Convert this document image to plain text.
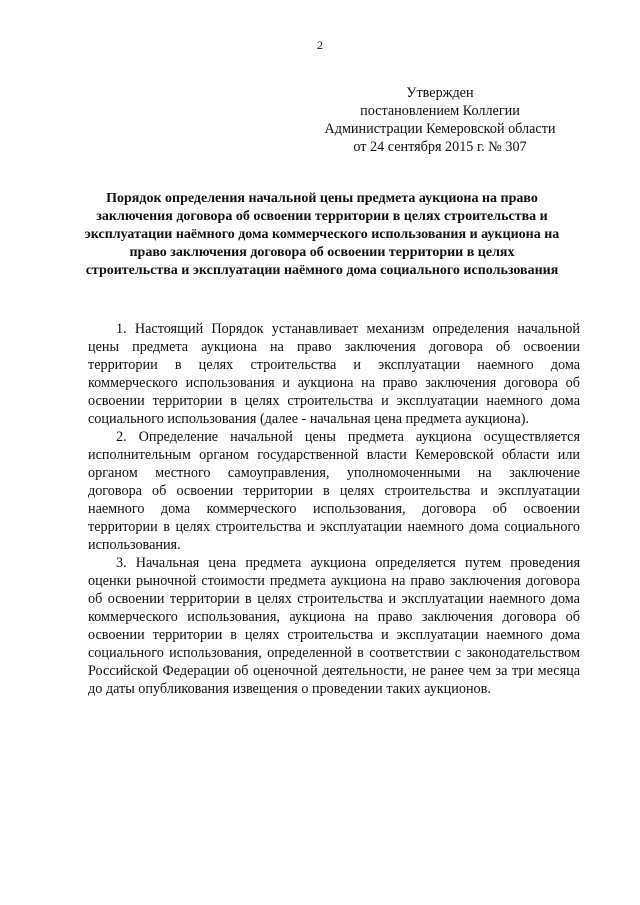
2
Утвержден
постановлением Коллегии
Администрации Кемеровской области
от 24 сентября 2015 г. № 307
Порядок определения начальной цены предмета аукциона на право
заключения договора об освоении территории в целях строительства и
эксплуатации наёмного дома коммерческого использования и аукциона на
право заключения договора об освоении территории в целях
строительства и эксплуатации наёмного дома социального использования
1. Настоящий Порядок устанавливает механизм определения начальной
цены предмета аукциона на право заключения договора об освоении
территории в целях строительства и эксплуатации наемного дома
коммерческого использования и аукциона на право заключения договора об
освоении территории в целях строительства и эксплуатации наемного дома
социального использования (далее - начальная цена предмета аукциона).
2. Определение начальной цены предмета аукциона осуществляется
исполнительным органом государственной власти Кемеровской области или
органом местного самоуправления, уполномоченными на заключение
договора об освоении территории в целях строительства и эксплуатации
наемного дома коммерческого использования, договора об освоении
территории в целях строительства и эксплуатации наемного дома социального
использования.
3. Начальная цена предмета аукциона определяется путем проведения
оценки рыночной стоимости предмета аукциона на право заключения договора
об освоении территории в целях строительства и эксплуатации наемного дома
коммерческого использования, аукциона на право заключения договора об
освоении территории в целях строительства и эксплуатации наемного дома
социального использования, определенной в соответствии с законодательством
Российской Федерации об оценочной деятельности, не ранее чем за три месяца
до даты опубликования извещения о проведении таких аукционов.
